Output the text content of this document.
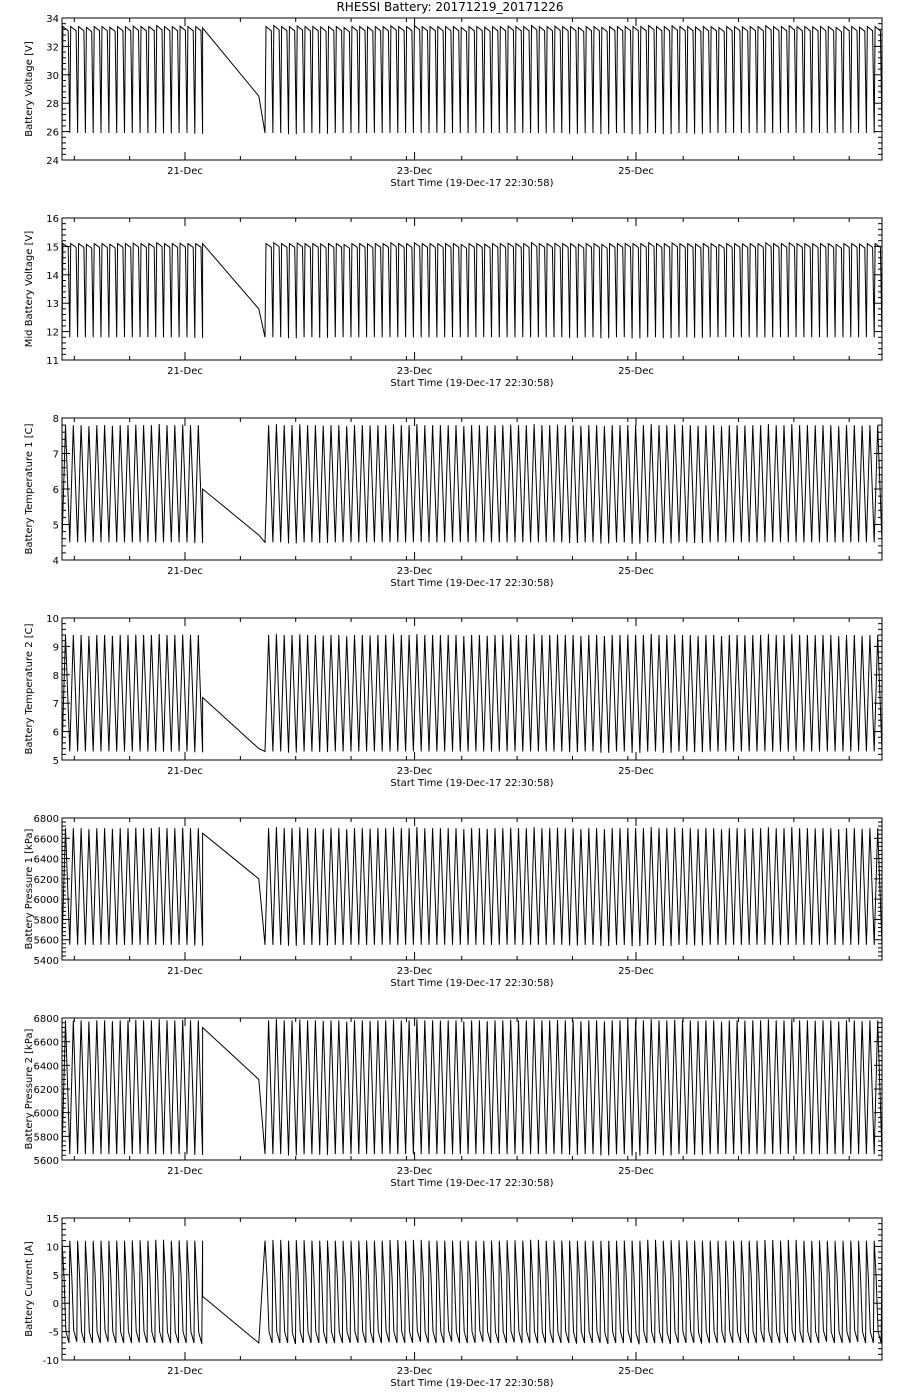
RHESSI Battery: 20171219_20171226
24
26
28
30
32
34
Battery Voltage [V]
21-Dec	23-Dec	25-Dec
Start Time (19-Dec-17 22:30:58)
11
12
13
14
15
16
Mid Battery Voltage [V]
21-Dec	23-Dec	25-Dec
Start Time (19-Dec-17 22:30:58)
4
5
6
7
8
Battery Temperature 1 [C]
21-Dec	23-Dec	25-Dec
Start Time (19-Dec-17 22:30:58)
5
6
7
8
9
10
Battery Temperature 2 [C]
21-Dec	23-Dec	25-Dec
Start Time (19-Dec-17 22:30:58)
5400
5600
5800
6000
6200
6400
6600
6800
Battery Pressure 1 [kPa]
21-Dec	23-Dec	25-Dec
Start Time (19-Dec-17 22:30:58)
5600
5800
6000
6200
6400
6600
6800
Battery Pressure 2 [kPa]
21-Dec	23-Dec	25-Dec
Start Time (19-Dec-17 22:30:58)
-10
-5
0
5
10
15
Battery Current [A]
21-Dec	23-Dec	25-Dec
Start Time (19-Dec-17 22:30:58)
